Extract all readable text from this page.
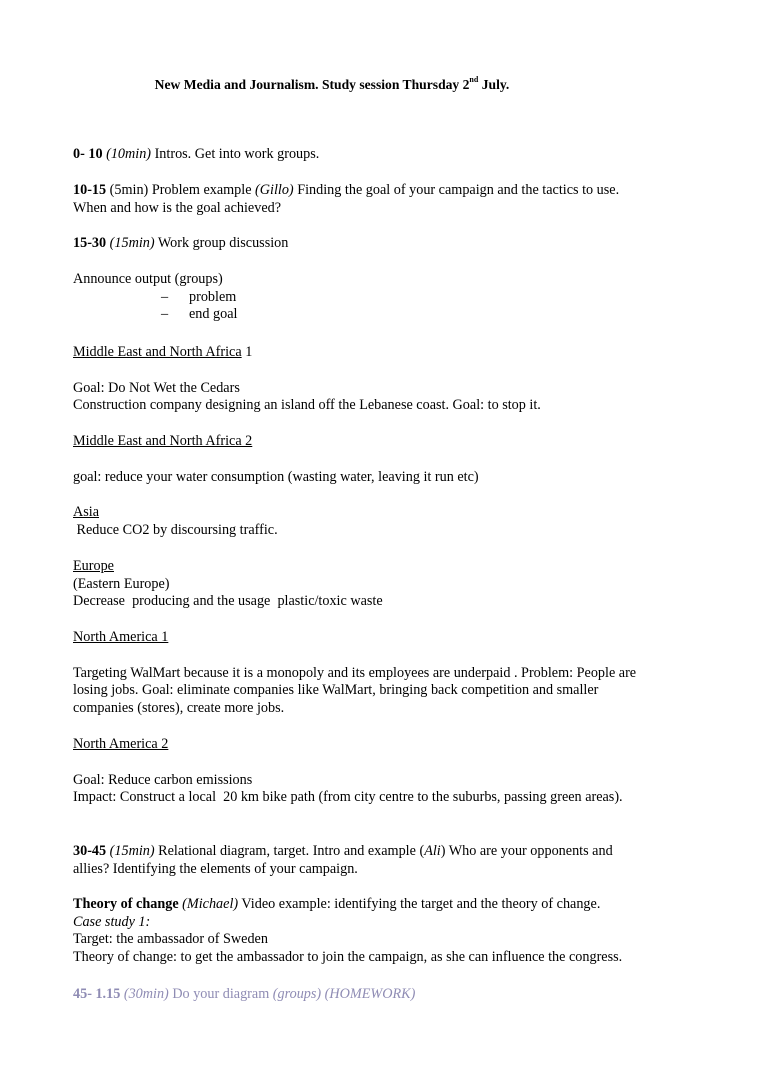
New Media and Journalism. Study session Thursday 2nd July.
0- 10 (10min) Intros. Get into work groups.
10-15 (5min) Problem example (Gillo) Finding the goal of your campaign and the tactics to use.
When and how is the goal achieved?
15-30 (15min) Work group discussion
Announce output (groups)
– problem
– end goal
Middle East and North Africa 1
Goal: Do Not Wet the Cedars
Construction company designing an island off the Lebanese coast. Goal: to stop it.
Middle East and North Africa 2
goal: reduce your water consumption (wasting water, leaving it run etc)
Asia
Reduce CO2 by discoursing traffic.
Europe
(Eastern Europe)
Decrease  producing and the usage  plastic/toxic waste
North America 1
Targeting WalMart because it is a monopoly and its employees are underpaid . Problem: People are
losing jobs. Goal: eliminate companies like WalMart, bringing back competition and smaller
companies (stores), create more jobs.
North America 2
Goal: Reduce carbon emissions
Impact: Construct a local  20 km bike path (from city centre to the suburbs, passing green areas).
30-45 (15min) Relational diagram, target. Intro and example (Ali) Who are your opponents and
allies? Identifying the elements of your campaign.
Theory of change (Michael) Video example: identifying the target and the theory of change.
Case study 1:
Target: the ambassador of Sweden
Theory of change: to get the ambassador to join the campaign, as she can influence the congress.
45- 1.15 (30min) Do your diagram (groups) (HOMEWORK)
